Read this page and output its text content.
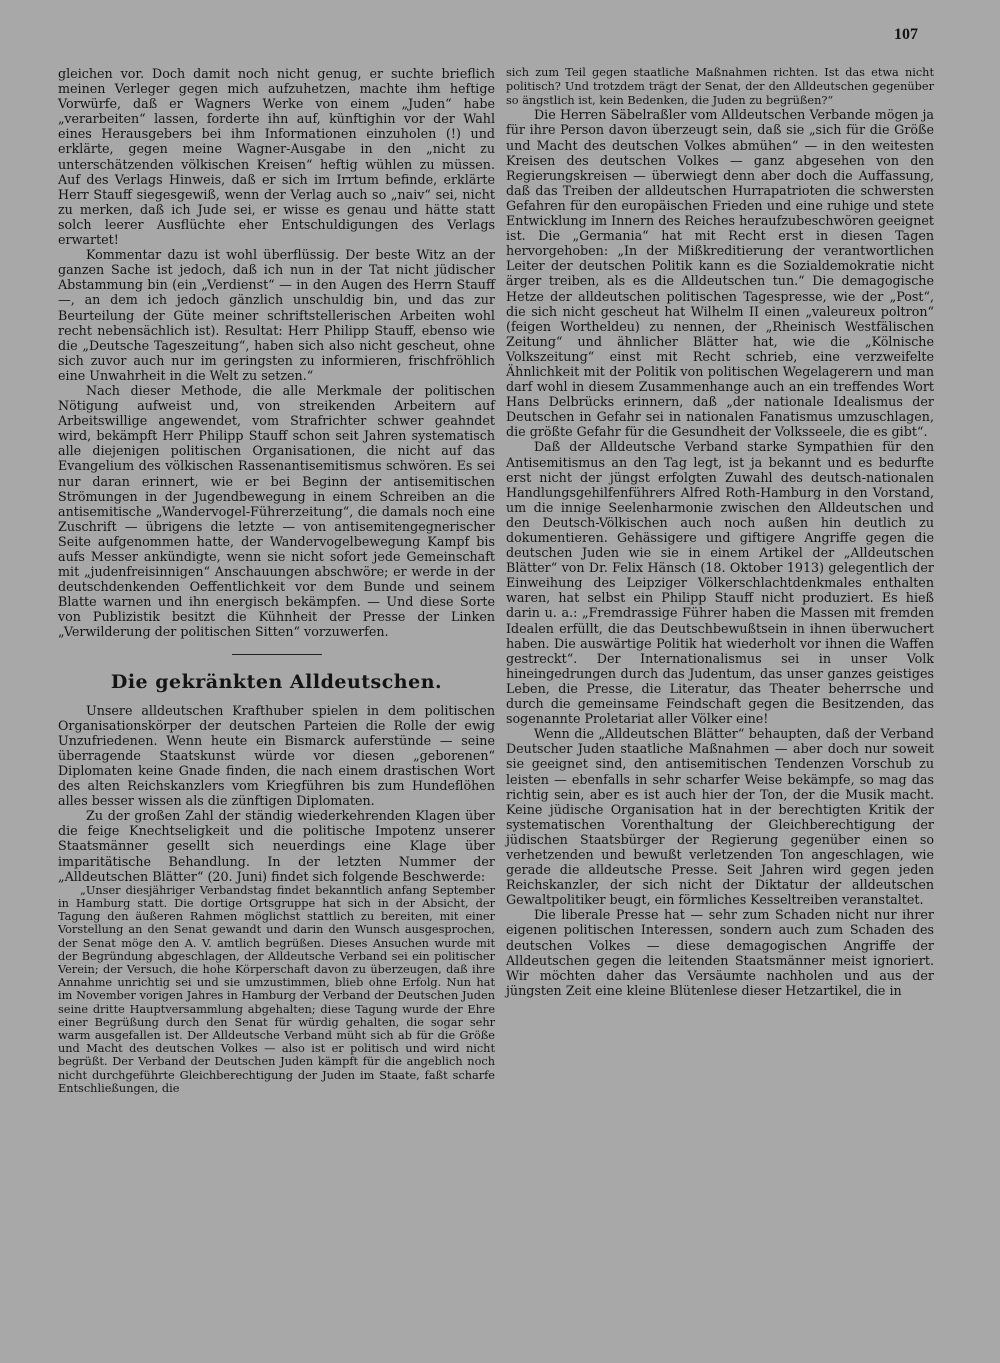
107

gleichen vor. Doch damit noch nicht genug, er suchte brieflich meinen Verleger gegen mich aufzuhetzen, machte ihm heftige Vorwürfe, daß er Wagners Werke von einem „Juden“ habe „verarbeiten“ lassen, forderte ihn auf, künftighin vor der Wahl eines Herausgebers bei ihm Informationen einzuholen (!) und erklärte, gegen meine Wagner-Ausgabe in den „nicht zu unterschätzenden völkischen Kreisen“ heftig wühlen zu müssen. Auf des Verlags Hinweis, daß er sich im Irrtum befinde, erklärte Herr Stauff siegesgewiß, wenn der Verlag auch so „naiv“ sei, nicht zu merken, daß ich Jude sei, er wisse es genau und hätte statt solch leerer Ausflüchte eher Entschuldigungen des Verlags erwartet!

Kommentar dazu ist wohl überflüssig. Der beste Witz an der ganzen Sache ist jedoch, daß ich nun in der Tat nicht jüdischer Abstammung bin (ein „Verdienst“ — in den Augen des Herrn Stauff —, an dem ich jedoch gänzlich unschuldig bin, und das zur Beurteilung der Güte meiner schriftstellerischen Arbeiten wohl recht nebensächlich ist). Resultat: Herr Philipp Stauff, ebenso wie die „Deutsche Tageszeitung“, haben sich also nicht gescheut, ohne sich zuvor auch nur im geringsten zu informieren, frischfröhlich eine Unwahrheit in die Welt zu setzen.“

Nach dieser Methode, die alle Merkmale der politischen Nötigung aufweist und, von streikenden Arbeitern auf Arbeitswillige angewendet, vom Strafrichter schwer geahndet wird, bekämpft Herr Philipp Stauff schon seit Jahren systematisch alle diejenigen politischen Organisationen, die nicht auf das Evangelium des völkischen Rassenantisemitismus schwören. Es sei nur daran erinnert, wie er bei Beginn der antisemitischen Strömungen in der Jugendbewegung in einem Schreiben an die antisemitische „Wandervogel-Führerzeitung“, die damals noch eine Zuschrift — übrigens die letzte — von antisemitengegnerischer Seite aufgenommen hatte, der Wandervogelbewegung Kampf bis aufs Messer ankündigte, wenn sie nicht sofort jede Gemeinschaft mit „judenfreisinnigen“ Anschauungen abschwöre; er werde in der deutschdenkenden Oeffentlichkeit vor dem Bunde und seinem Blatte warnen und ihn energisch bekämpfen. — Und diese Sorte von Publizistik besitzt die Kühnheit der Presse der Linken „Verwilderung der politischen Sitten“ vorzuwerfen.

Die gekränkten Alldeutschen.

Unsere alldeutschen Krafthuber spielen in dem politischen Organisationskörper der deutschen Parteien die Rolle der ewig Unzufriedenen. Wenn heute ein Bismarck auferstünde — seine überragende Staatskunst würde vor diesen „geborenen“ Diplomaten keine Gnade finden, die nach einem drastischen Wort des alten Reichskanzlers vom Kriegführen bis zum Hundeflöhen alles besser wissen als die zünftigen Diplomaten.

Zu der großen Zahl der ständig wiederkehrenden Klagen über die feige Knechtseligkeit und die politische Impotenz unserer Staatsmänner gesellt sich neuerdings eine Klage über imparitätische Behandlung. In der letzten Nummer der „Alldeutschen Blätter“ (20. Juni) findet sich folgende Beschwerde:

„Unser diesjähriger Verbandstag findet bekanntlich anfang September in Hamburg statt. Die dortige Ortsgruppe hat sich in der Absicht, der Tagung den äußeren Rahmen möglichst stattlich zu bereiten, mit einer Vorstellung an den Senat gewandt und darin den Wunsch ausgesprochen, der Senat möge den A. V. amtlich begrüßen. Dieses Ansuchen wurde mit der Begründung abgeschlagen, der Alldeutsche Verband sei ein politischer Verein; der Versuch, die hohe Körperschaft davon zu überzeugen, daß ihre Annahme unrichtig sei und sie umzustimmen, blieb ohne Erfolg. Nun hat im November vorigen Jahres in Hamburg der Verband der Deutschen Juden seine dritte Hauptversammlung abgehalten; diese Tagung wurde der Ehre einer Begrüßung durch den Senat für würdig gehalten, die sogar sehr warm ausgefallen ist. Der Alldeutsche Verband müht sich ab für die Größe und Macht des deutschen Volkes — also ist er politisch und wird nicht begrüßt. Der Verband der Deutschen Juden kämpft für die angeblich noch nicht durchgeführte Gleichberechtigung der Juden im Staate, faßt scharfe Entschließungen, die

sich zum Teil gegen staatliche Maßnahmen richten. Ist das etwa nicht politisch? Und trotzdem trägt der Senat, der den Alldeutschen gegenüber so ängstlich ist, kein Bedenken, die Juden zu begrüßen?“

Die Herren Säbelraßler vom Alldeutschen Verbande mögen ja für ihre Person davon überzeugt sein, daß sie „sich für die Größe und Macht des deutschen Volkes abmühen“ — in den weitesten Kreisen des deutschen Volkes — ganz abgesehen von den Regierungskreisen — überwiegt denn aber doch die Auffassung, daß das Treiben der alldeutschen Hurrapatrioten die schwersten Gefahren für den europäischen Frieden und eine ruhige und stete Entwicklung im Innern des Reiches heraufzubeschwören geeignet ist. Die „Germania“ hat mit Recht erst in diesen Tagen hervorgehoben: „In der Mißkreditierung der verantwortlichen Leiter der deutschen Politik kann es die Sozialdemokratie nicht ärger treiben, als es die Alldeutschen tun.“ Die demagogische Hetze der alldeutschen politischen Tagespresse, wie der „Post“, die sich nicht gescheut hat Wilhelm II einen „valeureux poltron“ (feigen Wortheldeu) zu nennen, der „Rheinisch Westfälischen Zeitung“ und ähnlicher Blätter hat, wie die „Kölnische Volkszeitung“ einst mit Recht schrieb, eine verzweifelte Ähnlichkeit mit der Politik von politischen Wegelagerern und man darf wohl in diesem Zusammenhange auch an ein treffendes Wort Hans Delbrücks erinnern, daß „der nationale Idealismus der Deutschen in Gefahr sei in nationalen Fanatismus umzuschlagen, die größte Gefahr für die Gesundheit der Volksseele, die es gibt“.

Daß der Alldeutsche Verband starke Sympathien für den Antisemitismus an den Tag legt, ist ja bekannt und es bedurfte erst nicht der jüngst erfolgten Zuwahl des deutsch-nationalen Handlungsgehilfenführers Alfred Roth-Hamburg in den Vorstand, um die innige Seelenharmonie zwischen den Alldeutschen und den Deutsch-Völkischen auch noch außen hin deutlich zu dokumentieren. Gehässigere und giftigere Angriffe gegen die deutschen Juden wie sie in einem Artikel der „Alldeutschen Blätter“ von Dr. Felix Hänsch (18. Oktober 1913) gelegentlich der Einweihung des Leipziger Völkerschlachtdenkmales enthalten waren, hat selbst ein Philipp Stauff nicht produziert. Es hieß darin u. a.: „Fremdrassige Führer haben die Massen mit fremden Idealen erfüllt, die das Deutschbewußtsein in ihnen überwuchert haben. Die auswärtige Politik hat wiederholt vor ihnen die Waffen gestreckt“. Der Internationalismus sei in unser Volk hineingedrungen durch das Judentum, das unser ganzes geistiges Leben, die Presse, die Literatur, das Theater beherrsche und durch die gemeinsame Feindschaft gegen die Besitzenden, das sogenannte Proletariat aller Völker eine!

Wenn die „Alldeutschen Blätter“ behaupten, daß der Verband Deutscher Juden staatliche Maßnahmen — aber doch nur soweit sie geeignet sind, den antisemitischen Tendenzen Vorschub zu leisten — ebenfalls in sehr scharfer Weise bekämpfe, so mag das richtig sein, aber es ist auch hier der Ton, der die Musik macht. Keine jüdische Organisation hat in der berechtigten Kritik der systematischen Vorenthaltung der Gleichberechtigung der jüdischen Staatsbürger der Regierung gegenüber einen so verhetzenden und bewußt verletzenden Ton angeschlagen, wie gerade die alldeutsche Presse. Seit Jahren wird gegen jeden Reichskanzler, der sich nicht der Diktatur der alldeutschen Gewaltpolitiker beugt, ein förmliches Kesseltreiben veranstaltet.

Die liberale Presse hat — sehr zum Schaden nicht nur ihrer eigenen politischen Interessen, sondern auch zum Schaden des deutschen Volkes — diese demagogischen Angriffe der Alldeutschen gegen die leitenden Staatsmänner meist ignoriert. Wir möchten daher das Versäumte nachholen und aus der jüngsten Zeit eine kleine Blütenlese dieser Hetzartikel, die in
